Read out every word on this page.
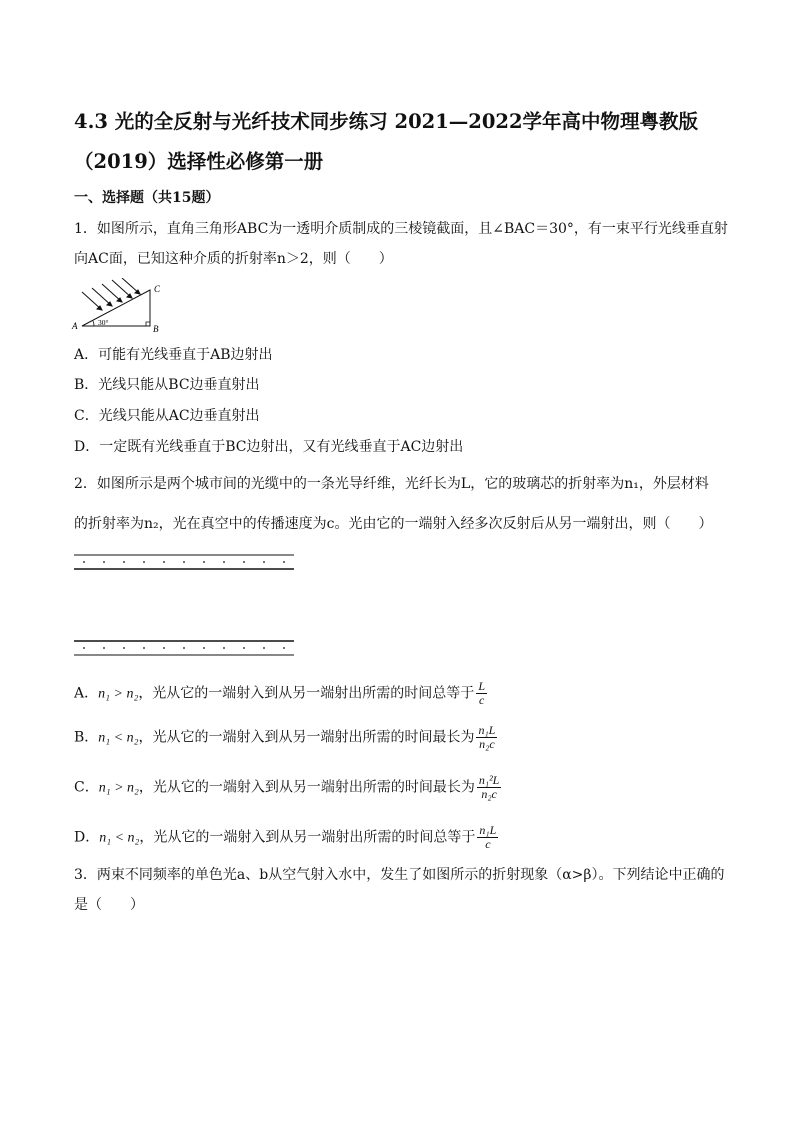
4.3 光的全反射与光纤技术同步练习 2021—2022学年高中物理粤教版
（2019）选择性必修第一册
一、选择题（共15题）
1．如图所示，直角三角形ABC为一透明介质制成的三棱镜截面，且∠BAC＝30°，有一束平行光线垂直射
向AC面，已知这种介质的折射率n＞2，则（　　）
A	B
C
30°
A．可能有光线垂直于AB边射出
B．光线只能从BC边垂直射出
C．光线只能从AC边垂直射出
D．一定既有光线垂直于BC边射出，又有光线垂直于AC边射出
2．如图所示是两个城市间的光缆中的一条光导纤维，光纤长为L，它的玻璃芯的折射率为n₁，外层材料
的折射率为n₂，光在真空中的传播速度为c。光由它的一端射入经多次反射后从另一端射出，则（　　）
A．n₁ > n₂，光从它的一端射入到从另一端射出所需的时间总等于 $\frac{L}{c}$
B．n₁ < n₂，光从它的一端射入到从另一端射出所需的时间最长为 $\frac{\text{n₁L}}{\text{n₂c}}$
C．n₁ > n₂，光从它的一端射入到从另一端射出所需的时间最长为 $\frac{\text{n₁²L}}{\text{n₂c}}$
D．n₁ < n₂，光从它的一端射入到从另一端射出所需的时间总等于 $\frac{\text{n₁L}}{c}$
3．两束不同频率的单色光a、b从空气射入水中，发生了如图所示的折射现象（α>β）。下列结论中正确的
是（　　）
